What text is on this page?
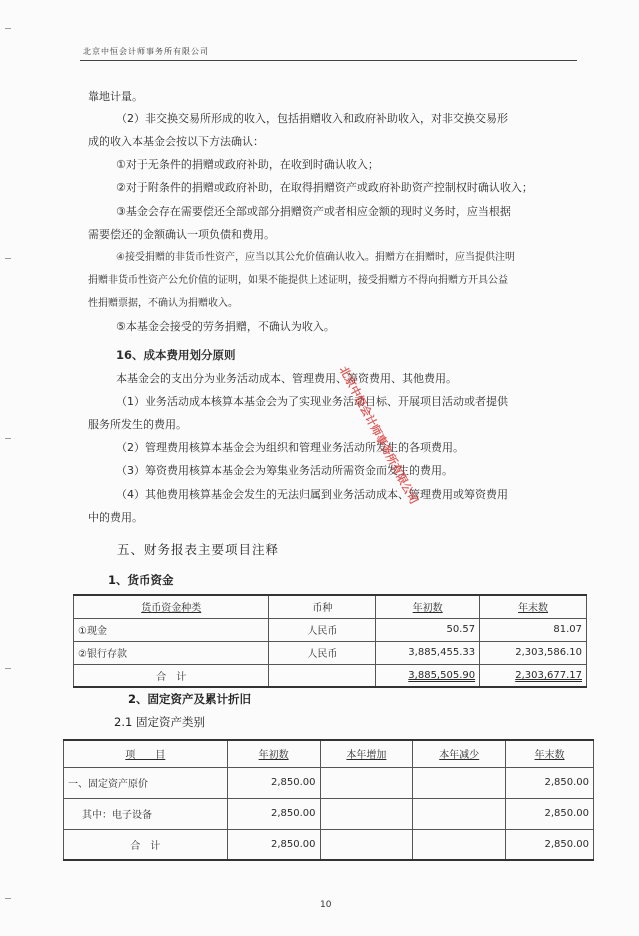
北京中恒会计师事务所有限公司
靠地计量。
（2）非交换交易所形成的收入，包括捐赠收入和政府补助收入，对非交换交易形
成的收入本基金会按以下方法确认：
①对于无条件的捐赠或政府补助，在收到时确认收入；
②对于附条件的捐赠或政府补助，在取得捐赠资产或政府补助资产控制权时确认收入；
③基金会存在需要偿还全部或部分捐赠资产或者相应金额的现时义务时，应当根据
需要偿还的金额确认一项负债和费用。
④接受捐赠的非货币性资产，应当以其公允价值确认收入。捐赠方在捐赠时，应当提供注明
捐赠非货币性资产公允价值的证明，如果不能提供上述证明，接受捐赠方不得向捐赠方开具公益
性捐赠票据，不确认为捐赠收入。
⑤本基金会接受的劳务捐赠，不确认为收入。
16、成本费用划分原则
本基金会的支出分为业务活动成本、管理费用、筹资费用、其他费用。
（1）业务活动成本核算本基金会为了实现业务活动目标、开展项目活动或者提供
服务所发生的费用。
（2）管理费用核算本基金会为组织和管理业务活动所发生的各项费用。
（3）筹资费用核算本基金会为筹集业务活动所需资金而发生的费用。
（4）其他费用核算基金会发生的无法归属到业务活动成本、管理费用或筹资费用
中的费用。
北京中恒会计师事务所有限公司
五、财务报表主要项目注释
1、货币资金
货币资金种类	币种	年初数	年末数
①现金	人民币	50.57	81.07
②银行存款	人民币	3,885,455.33	2,303,586.10
合　计		3,885,505.90	2,303,677.17
2、固定资产及累计折旧
2.1 固定资产类别
项　　目	年初数	本年增加	本年减少	年末数
一、固定资产原价	2,850.00			2,850.00
其中：电子设备	2,850.00			2,850.00
合　计	2,850.00			2,850.00
10
